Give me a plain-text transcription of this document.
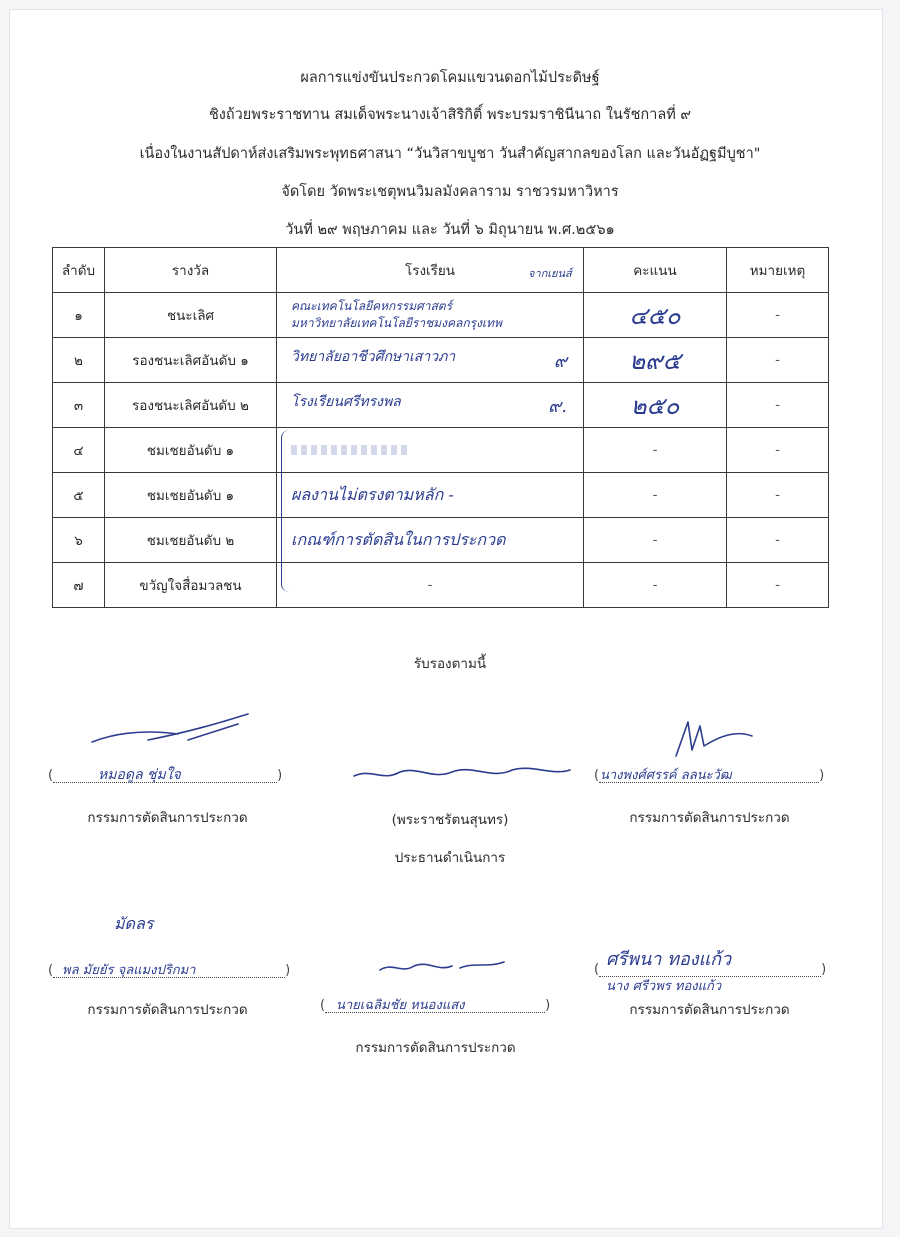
ผลการแข่งขันประกวดโคมแขวนดอกไม้ประดิษฐ์
ชิงถ้วยพระราชทาน สมเด็จพระนางเจ้าสิริกิติ์ พระบรมราชินีนาถ ในรัชกาลที่ ๙
เนื่องในงานสัปดาห์ส่งเสริมพระพุทธศาสนา “วันวิสาขบูชา วันสำคัญสากลของโลก และวันอัฏฐมีบูชา"
จัดโดย วัดพระเชตุพนวิมลมังคลาราม ราชวรมหาวิหาร
วันที่ ๒๙ พฤษภาคม และ วันที่ ๖ มิถุนายน พ.ศ.๒๕๖๑
ลำดับ	รางวัล	โรงเรียน	คะแนน	หมายเหตุ
๑	ชนะเลิศ	คณะเทคโนโลยีคหกรรมศาสตร์
มหาวิทยาลัยเทคโนโลยีราชมงคลกรุงเทพ	๔๕๐	-
๒	รองชนะเลิศอันดับ ๑	วิทยาลัยอาชีวศึกษาเสาวภา ๙	๒๙๕	-
๓	รองชนะเลิศอันดับ ๒	โรงเรียนศรีทรงพล ๙.	๒๕๐	-
๔	ชมเชยอันดับ ๑		-	-
๕	ชมเชยอันดับ ๑	ผลงานไม่ตรงตามหลัก -	-	-
๖	ชมเชยอันดับ ๒	เกณฑ์การตัดสินในการประกวด	-	-
๗	ขวัญใจสื่อมวลชน	-	-	-
จากเยนส์
รับรองตามนี้
(	)
หมอดูล ชุ่มใจ
กรรมการตัดสินการประกวด	(พระราชรัตนสุนทร)
ประธานดำเนินการ
(	)
นางพงศ์ศรรค์ ลลนะวัฒ
กรรมการตัดสินการประกวด
มัดลร
(	)
พล มัยยัร จุลแมงปริกมา
กรรมการตัดสินการประกวด	(	)
นายเฉลิมชัย หนองแสง
กรรมการตัดสินการประกวด
ศรีพนา ทองแก้ว
(	)
นาง ศรีวพร ทองแก้ว
กรรมการตัดสินการประกวด
